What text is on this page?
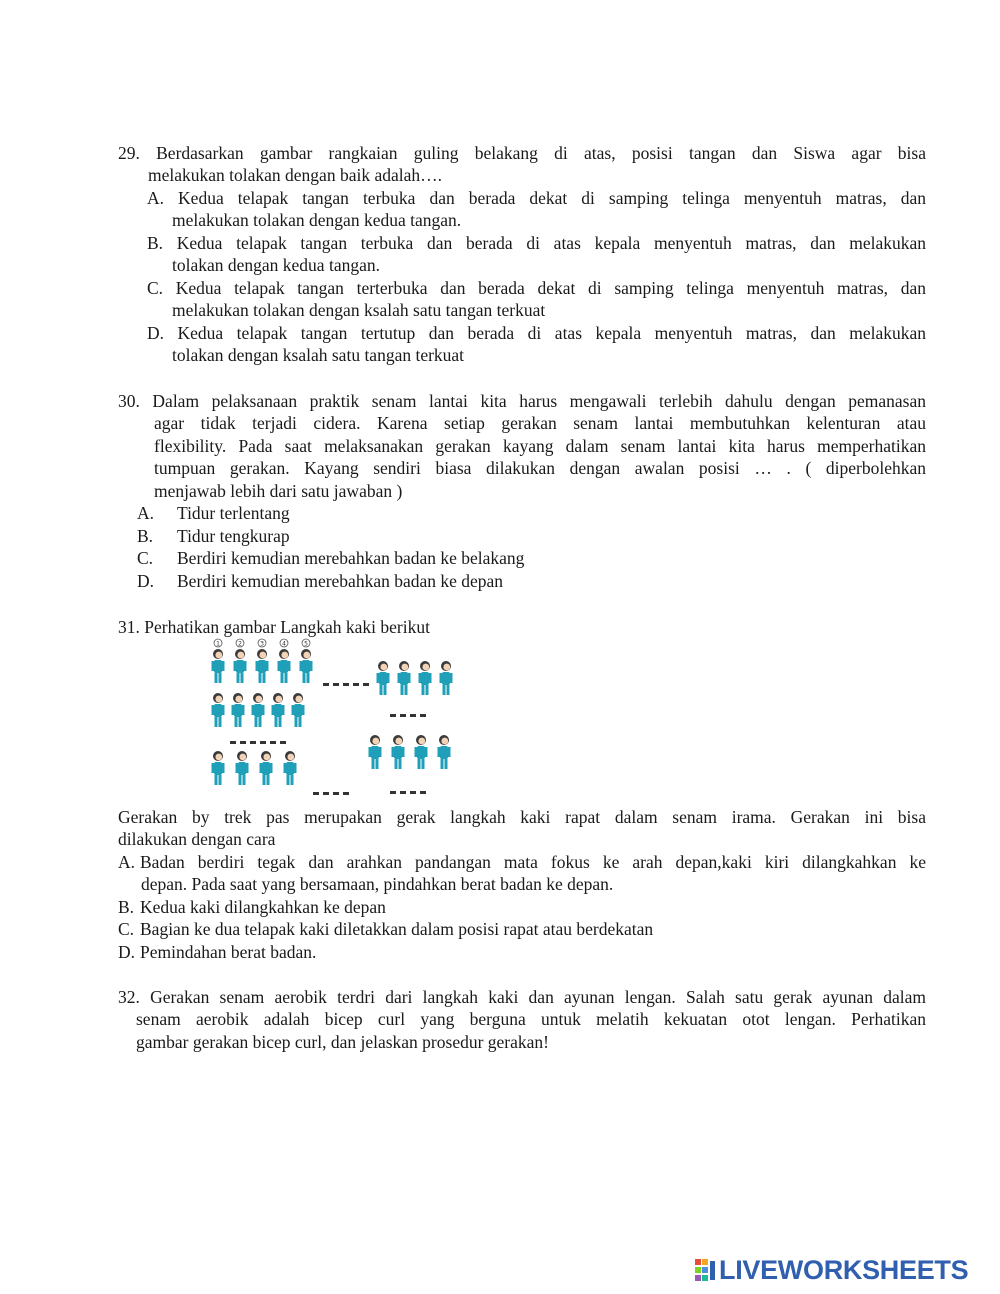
29. Berdasarkan gambar rangkaian guling belakang di atas, posisi tangan dan Siswa agar bisa
melakukan tolakan dengan baik adalah….
A. Kedua telapak tangan terbuka dan berada dekat di samping telinga menyentuh matras, dan
melakukan tolakan dengan kedua tangan.
B. Kedua telapak tangan terbuka dan berada di atas kepala menyentuh matras, dan melakukan
tolakan dengan kedua tangan.
C. Kedua telapak tangan terterbuka dan berada dekat di samping telinga menyentuh matras, dan
melakukan tolakan dengan ksalah satu tangan terkuat
D. Kedua telapak tangan tertutup dan berada di atas kepala menyentuh matras, dan melakukan
tolakan dengan ksalah satu tangan terkuat
30. Dalam pelaksanaan praktik senam lantai kita harus mengawali terlebih dahulu dengan pemanasan
agar tidak terjadi cidera. Karena setiap gerakan senam lantai membutuhkan kelenturan atau
flexibility. Pada saat melaksanakan gerakan kayang dalam senam lantai kita harus memperhatikan
tumpuan gerakan. Kayang sendiri biasa dilakukan dengan awalan posisi … . ( diperbolehkan
menjawab lebih dari satu jawaban )
A. Tidur terlentang
B. Tidur tengkurap
C. Berdiri kemudian merebahkan badan ke belakang
D. Berdiri kemudian merebahkan badan ke depan
31. Perhatikan gambar Langkah kaki berikut
1	2	3	4	5
Gerakan by trek pas merupakan gerak langkah kaki rapat dalam senam irama. Gerakan ini bisa
dilakukan dengan cara
A. Badan berdiri tegak dan arahkan pandangan mata fokus ke arah depan,kaki kiri dilangkahkan ke
depan. Pada saat yang bersamaan, pindahkan berat badan ke depan.
B. Kedua kaki dilangkahkan ke depan
C. Bagian ke dua telapak kaki diletakkan dalam posisi rapat atau berdekatan
D. Pemindahan berat badan.
32. Gerakan senam aerobik terdri dari langkah kaki dan ayunan lengan. Salah satu gerak ayunan dalam
senam aerobik adalah bicep curl yang berguna untuk melatih kekuatan otot lengan. Perhatikan
gambar gerakan bicep curl, dan jelaskan prosedur gerakan!
LIVEWORKSHEETS
